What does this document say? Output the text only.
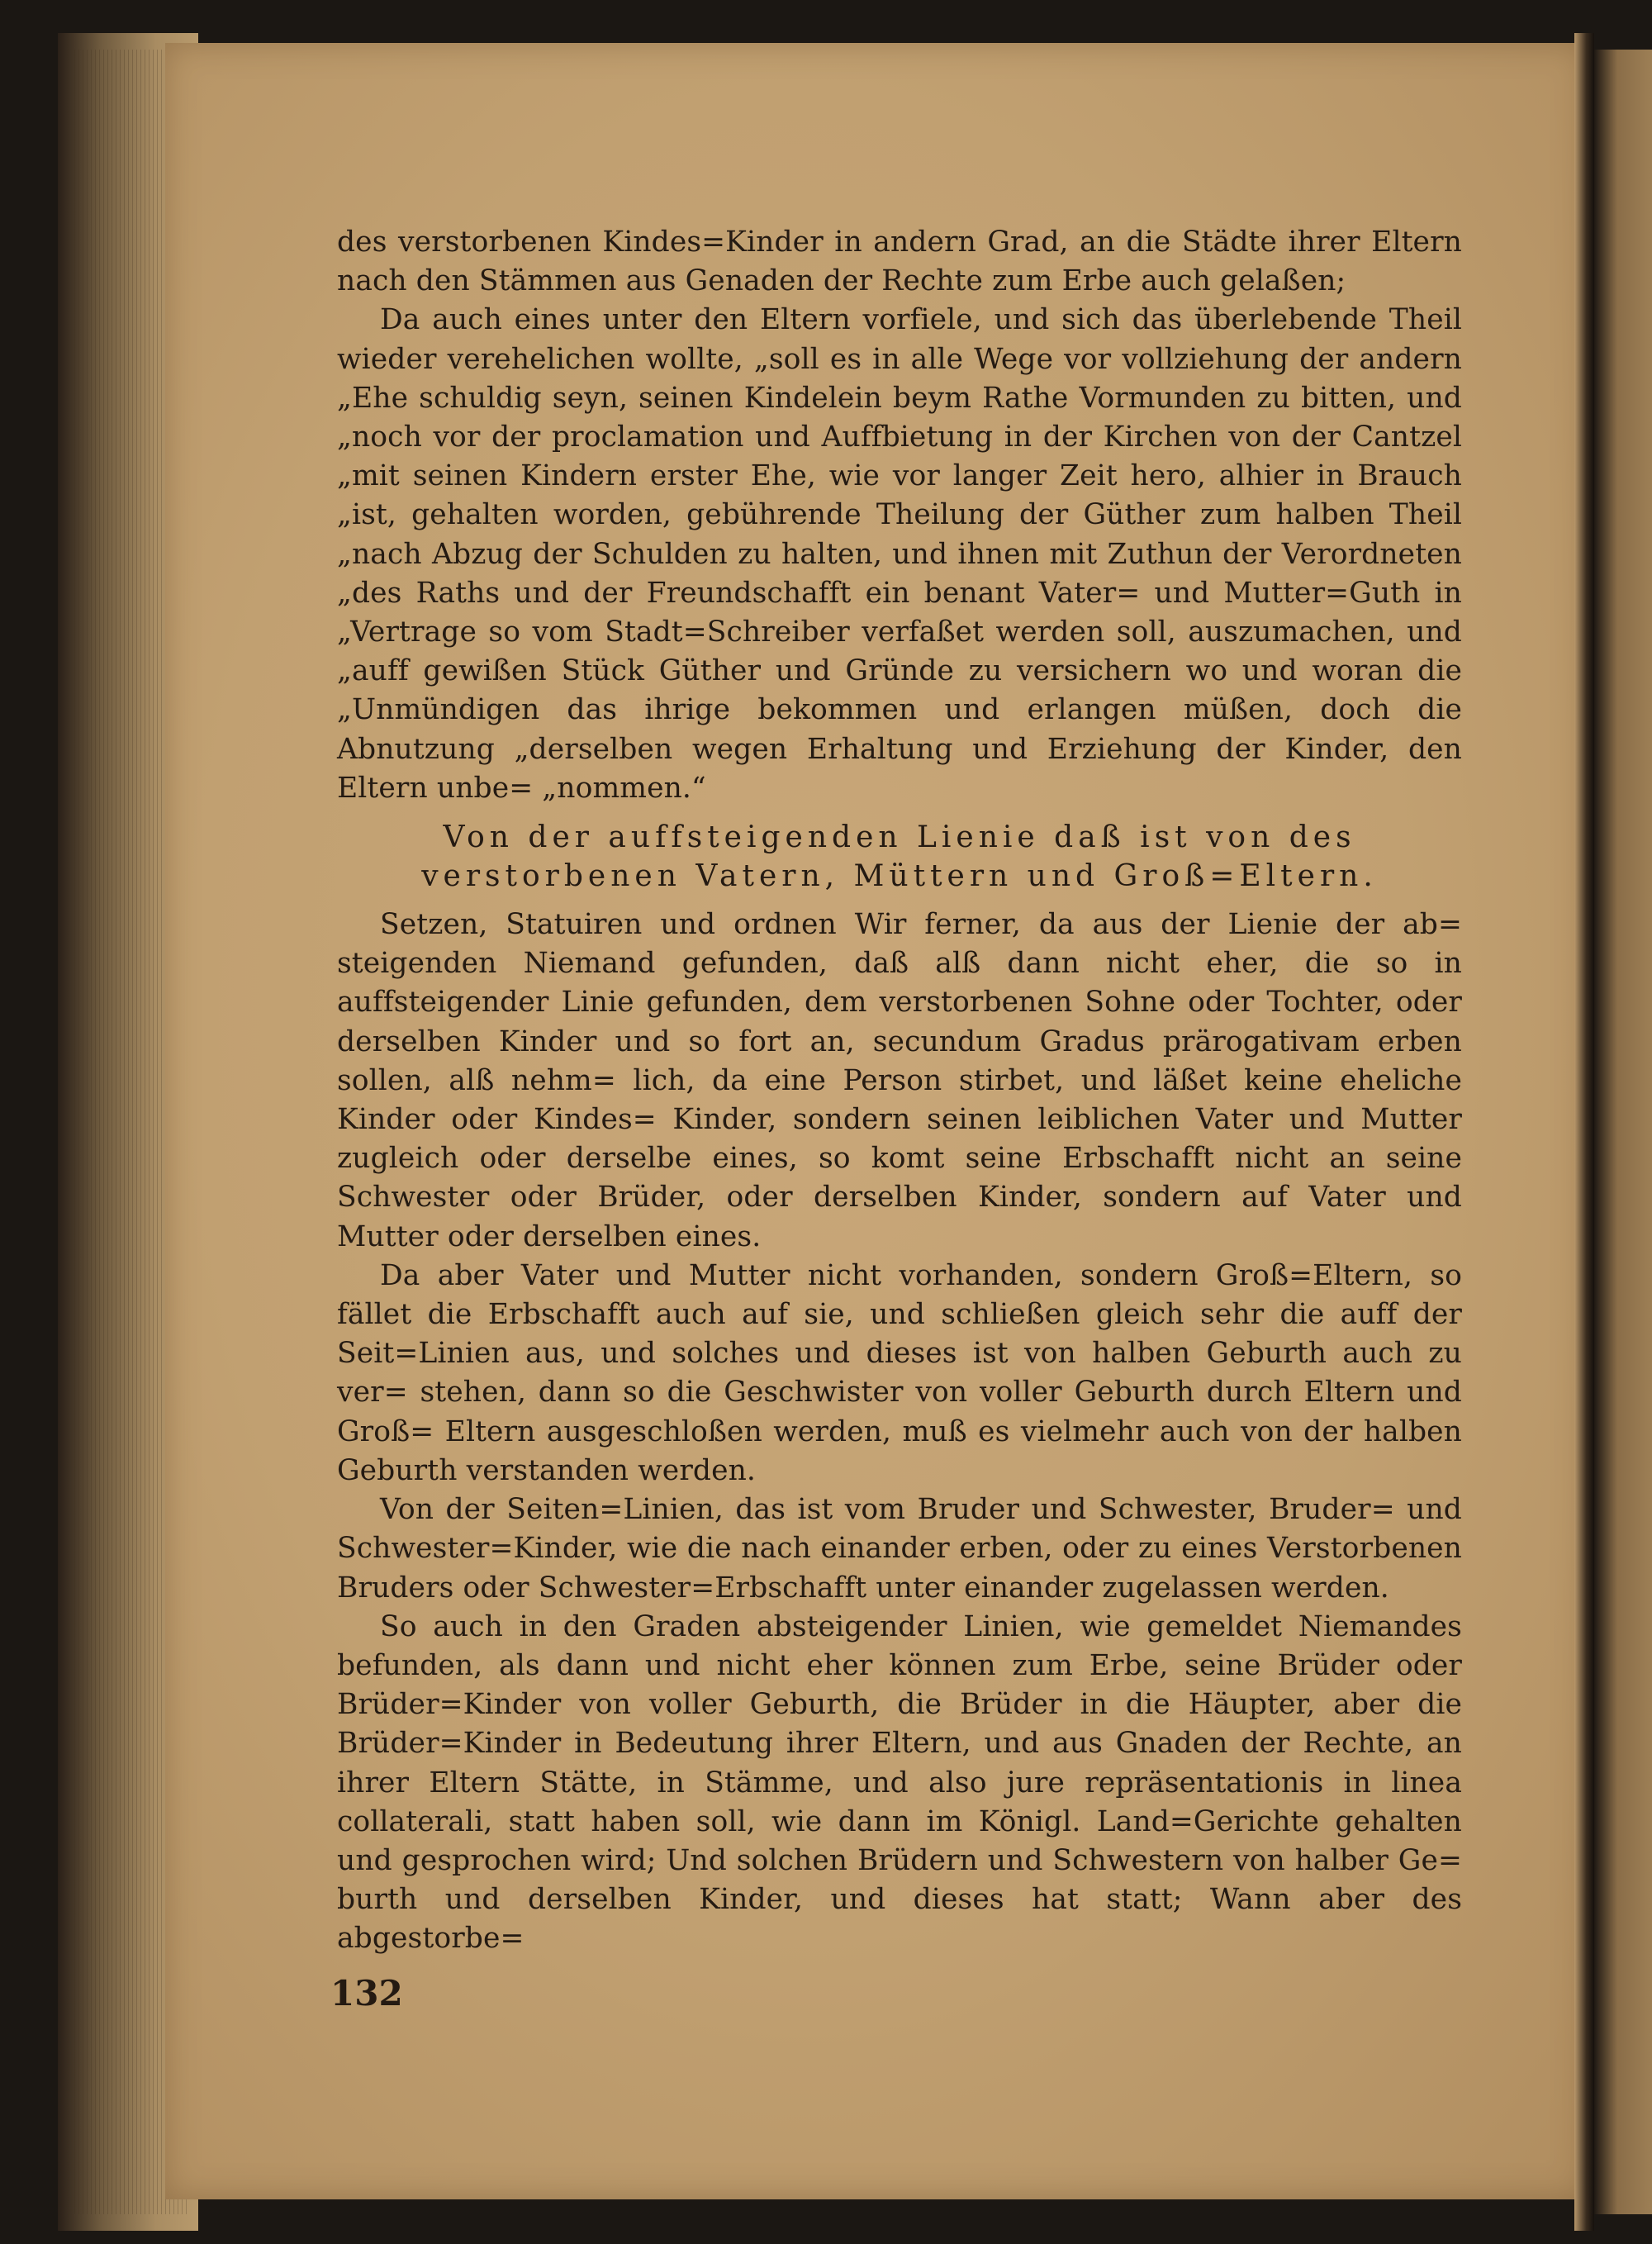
des verstorbenen Kindes=Kinder in andern Grad, an die Städte ihrer Eltern nach den Stämmen aus Genaden der Rechte zum Erbe auch gelaßen;

Da auch eines unter den Eltern vorfiele, und sich das überlebende Theil wieder verehelichen wollte, „soll es in alle Wege vor vollziehung der andern „Ehe schuldig seyn, seinen Kindelein beym Rathe Vormunden zu bitten, und „noch vor der proclamation und Auffbietung in der Kirchen von der Cantzel „mit seinen Kindern erster Ehe, wie vor langer Zeit hero, alhier in Brauch „ist, gehalten worden, gebührende Theilung der Güther zum halben Theil „nach Abzug der Schulden zu halten, und ihnen mit Zuthun der Verordneten „des Raths und der Freundschafft ein benant Vater= und Mutter=Guth in „Vertrage so vom Stadt=Schreiber verfaßet werden soll, auszumachen, und „auff gewißen Stück Güther und Gründe zu versichern wo und woran die „Unmündigen das ihrige bekommen und erlangen müßen, doch die Abnutzung „derselben wegen Erhaltung und Erziehung der Kinder, den Eltern unbe= „nommen.“

Von der auffsteigenden Lienie daß ist von des
verstorbenen Vatern, Müttern und Groß=Eltern.

Setzen, Statuiren und ordnen Wir ferner, da aus der Lienie der ab= steigenden Niemand gefunden, daß alß dann nicht eher, die so in auffsteigender Linie gefunden, dem verstorbenen Sohne oder Tochter, oder derselben Kinder und so fort an, secundum Gradus prärogativam erben sollen, alß nehm= lich, da eine Person stirbet, und läßet keine eheliche Kinder oder Kindes= Kinder, sondern seinen leiblichen Vater und Mutter zugleich oder derselbe eines, so komt seine Erbschafft nicht an seine Schwester oder Brüder, oder derselben Kinder, sondern auf Vater und Mutter oder derselben eines.

Da aber Vater und Mutter nicht vorhanden, sondern Groß=Eltern, so fället die Erbschafft auch auf sie, und schließen gleich sehr die auff der Seit=Linien aus, und solches und dieses ist von halben Geburth auch zu ver= stehen, dann so die Geschwister von voller Geburth durch Eltern und Groß= Eltern ausgeschloßen werden, muß es vielmehr auch von der halben Geburth verstanden werden.

Von der Seiten=Linien, das ist vom Bruder und Schwester, Bruder= und Schwester=Kinder, wie die nach einander erben, oder zu eines Verstorbenen Bruders oder Schwester=Erbschafft unter einander zugelassen werden.

So auch in den Graden absteigender Linien, wie gemeldet Niemandes befunden, als dann und nicht eher können zum Erbe, seine Brüder oder Brüder=Kinder von voller Geburth, die Brüder in die Häupter, aber die Brüder=Kinder in Bedeutung ihrer Eltern, und aus Gnaden der Rechte, an ihrer Eltern Stätte, in Stämme, und also jure repräsentationis in linea collaterali, statt haben soll, wie dann im Königl. Land=Gerichte gehalten und gesprochen wird; Und solchen Brüdern und Schwestern von halber Ge= burth und derselben Kinder, und dieses hat statt; Wann aber des abgestorbe=

132
